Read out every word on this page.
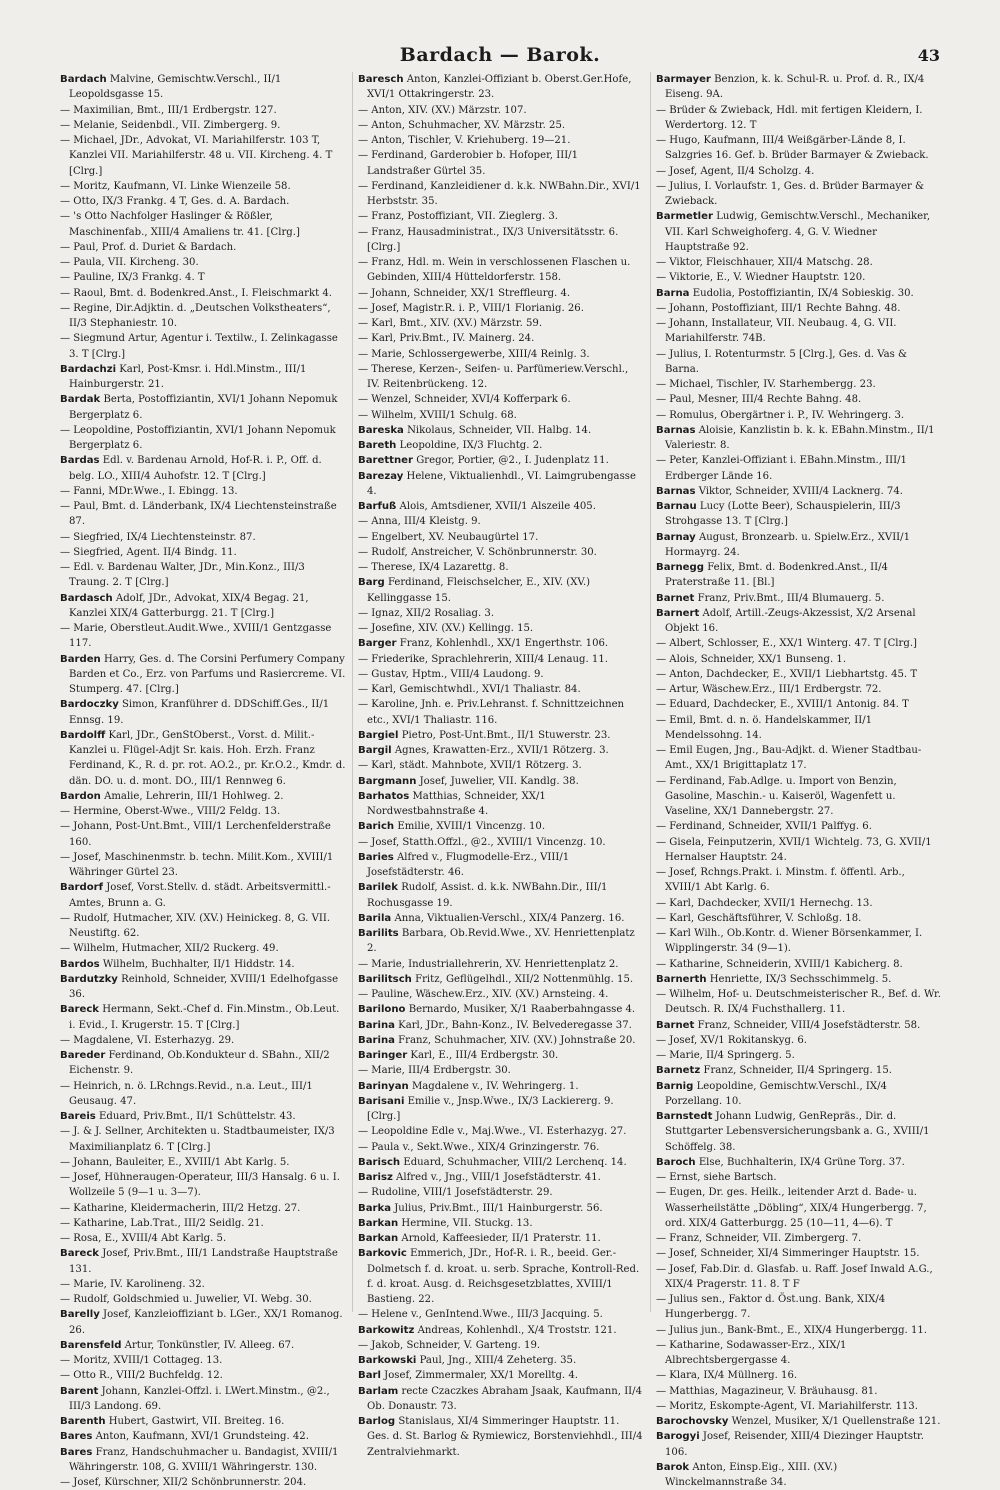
Bardach — Barok.	43

Bardach Malvine, Gemischtw.Verschl., II/1 Leopoldsgasse 15.

— Maximilian, Bmt., III/1 Erdbergstr. 127.

— Melanie, Seidenbdl., VII. Zimbergerg. 9.

— Michael, JDr., Advokat, VI. Mariahilferstr. 103 T, Kanzlei VII. Mariahilferstr. 48 u. VII. Kircheng. 4. T [Clrg.]

— Moritz, Kaufmann, VI. Linke Wienzeile 58.

— Otto, IX/3 Frankg. 4 T, Ges. d. A. Bardach.

— 's Otto Nachfolger Haslinger & Rößler, Maschinenfab., XIII/4 Amaliens tr. 41. [Clrg.]

— Paul, Prof. d. Duriet & Bardach.

— Paula, VII. Kircheng. 30.

— Pauline, IX/3 Frankg. 4. T

— Raoul, Bmt. d. Bodenkred.Anst., I. Fleischmarkt 4.

— Regine, Dir.Adjktin. d. „Deutschen Volkstheaters“, II/3 Stephaniestr. 10.

— Siegmund Artur, Agentur i. Textilw., I. Zelinkagasse 3. T [Clrg.]

Bardachzi Karl, Post-Kmsr. i. Hdl.Minstm., III/1 Hainburgerstr. 21.

Bardak Berta, Postoffiziantin, XVI/1 Johann Nepomuk Bergerplatz 6.

— Leopoldine, Postoffiziantin, XVI/1 Johann Nepomuk Bergerplatz 6.

Bardas Edl. v. Bardenau Arnold, Hof-R. i. P., Off. d. belg. LO., XIII/4 Auhofstr. 12. T [Clrg.]

— Fanni, MDr.Wwe., I. Ebingg. 13.

— Paul, Bmt. d. Länderbank, IX/4 Liechtensteinstraße 87.

— Siegfried, IX/4 Liechtensteinstr. 87.

— Siegfried, Agent. II/4 Bindg. 11.

— Edl. v. Bardenau Walter, JDr., Min.Konz., III/3 Traung. 2. T [Clrg.]

Bardasch Adolf, JDr., Advokat, XIX/4 Begag. 21, Kanzlei XIX/4 Gatterburgg. 21. T [Clrg.]

— Marie, Oberstleut.Audit.Wwe., XVIII/1 Gentzgasse 117.

Barden Harry, Ges. d. The Corsini Perfumery Company Barden et Co., Erz. von Parfums und Rasiercreme. VI. Stumperg. 47. [Clrg.]

Bardoczky Simon, Kranführer d. DDSchiff.Ges., II/1 Ennsg. 19.

Bardolff Karl, JDr., GenStOberst., Vorst. d. Milit.-Kanzlei u. Flügel-Adjt Sr. kais. Hoh. Erzh. Franz Ferdinand, K., R. d. pr. rot. AO.2., pr. Kr.O.2., Kmdr. d. dän. DO. u. d. mont. DO., III/1 Rennweg 6.

Bardon Amalie, Lehrerin, III/1 Hohlweg. 2.

— Hermine, Oberst-Wwe., VIII/2 Feldg. 13.

— Johann, Post-Unt.Bmt., VIII/1 Lerchenfelderstraße 160.

— Josef, Maschinenmstr. b. techn. Milit.Kom., XVIII/1 Währinger Gürtel 23.

Bardorf Josef, Vorst.Stellv. d. städt. Arbeitsvermittl.-Amtes, Brunn a. G.

— Rudolf, Hutmacher, XIV. (XV.) Heinickeg. 8, G. VII. Neustiftg. 62.

— Wilhelm, Hutmacher, XII/2 Ruckerg. 49.

Bardos Wilhelm, Buchhalter, II/1 Hiddstr. 14.

Bardutzky Reinhold, Schneider, XVIII/1 Edelhofgasse 36.

Bareck Hermann, Sekt.-Chef d. Fin.Minstm., Ob.Leut. i. Evid., I. Krugerstr. 15. T [Clrg.]

— Magdalene, VI. Esterhazyg. 29.

Bareder Ferdinand, Ob.Kondukteur d. SBahn., XII/2 Eichenstr. 9.

— Heinrich, n. ö. LRchngs.Revid., n.a. Leut., III/1 Geusaug. 47.

Bareis Eduard, Priv.Bmt., II/1 Schüttelstr. 43.

— J. & J. Sellner, Architekten u. Stadtbaumeister, IX/3 Maximilianplatz 6. T [Clrg.]

— Johann, Bauleiter, E., XVIII/1 Abt Karlg. 5.

— Josef, Hühneraugen-Operateur, III/3 Hansalg. 6 u. I. Wollzeile 5 (9—1 u. 3—7).

— Katharine, Kleidermacherin, III/2 Hetzg. 27.

— Katharine, Lab.Trat., III/2 Seidlg. 21.

— Rosa, E., XVIII/4 Abt Karlg. 5.

Bareck Josef, Priv.Bmt., III/1 Landstraße Hauptstraße 131.

— Marie, IV. Karolineng. 32.

— Rudolf, Goldschmied u. Juwelier, VI. Webg. 30.

Barelly Josef, Kanzleioffiziant b. LGer., XX/1 Romanog. 26.

Barensfeld Artur, Tonkünstler, IV. Alleeg. 67.

— Moritz, XVIII/1 Cottageg. 13.

— Otto R., VIII/2 Buchfeldg. 12.

Barent Johann, Kanzlei-Offzl. i. LWert.Minstm., @2., III/3 Landong. 69.

Barenth Hubert, Gastwirt, VII. Breiteg. 16.

Bares Anton, Kaufmann, XVI/1 Grundsteing. 42.

Bares Franz, Handschuhmacher u. Bandagist, XVIII/1 Währingerstr. 108, G. XVIII/1 Währingerstr. 130.

— Josef, Kürschner, XII/2 Schönbrunnerstr. 204.

Baresch Anton, Kanzlei-Offiziant b. Oberst.Ger.Hofe, XVI/1 Ottakringerstr. 23.

— Anton, XIV. (XV.) Märzstr. 107.

— Anton, Schuhmacher, XV. Märzstr. 25.

— Anton, Tischler, V. Kriehuberg. 19—21.

— Ferdinand, Garderobier b. Hofoper, III/1 Landstraßer Gürtel 35.

— Ferdinand, Kanzleidiener d. k.k. NWBahn.Dir., XVI/1 Herbststr. 35.

— Franz, Postoffiziant, VII. Zieglerg. 3.

— Franz, Hausadministrat., IX/3 Universitätsstr. 6. [Clrg.]

— Franz, Hdl. m. Wein in verschlossenen Flaschen u. Gebinden, XIII/4 Hütteldorferstr. 158.

— Johann, Schneider, XX/1 Streffleurg. 4.

— Josef, Magistr.R. i. P., VIII/1 Florianig. 26.

— Karl, Bmt., XIV. (XV.) Märzstr. 59.

— Karl, Priv.Bmt., IV. Mainerg. 24.

— Marie, Schlossergewerbe, XIII/4 Reinlg. 3.

— Therese, Kerzen-, Seifen- u. Parfümeriew.Verschl., IV. Reitenbrückeng. 12.

— Wenzel, Schneider, XVI/4 Kofferpark 6.

— Wilhelm, XVIII/1 Schulg. 68.

Bareska Nikolaus, Schneider, VII. Halbg. 14.

Bareth Leopoldine, IX/3 Fluchtg. 2.

Barettner Gregor, Portier, @2., I. Judenplatz 11.

Barezay Helene, Viktualienhdl., VI. Laimgrubengasse 4.

Barfuß Alois, Amtsdiener, XVII/1 Alszeile 405.

— Anna, III/4 Kleistg. 9.

— Engelbert, XV. Neubaugürtel 17.

— Rudolf, Anstreicher, V. Schönbrunnerstr. 30.

— Therese, IX/4 Lazarettg. 8.

Barg Ferdinand, Fleischselcher, E., XIV. (XV.) Kellinggasse 15.

— Ignaz, XII/2 Rosaliag. 3.

— Josefine, XIV. (XV.) Kellingg. 15.

Barger Franz, Kohlenhdl., XX/1 Engerthstr. 106.

— Friederike, Sprachlehrerin, XIII/4 Lenaug. 11.

— Gustav, Hptm., VIII/4 Laudong. 9.

— Karl, Gemischtwhdl., XVI/1 Thaliastr. 84.

— Karoline, Jnh. e. Priv.Lehranst. f. Schnittzeichnen etc., XVI/1 Thaliastr. 116.

Bargiel Pietro, Post-Unt.Bmt., II/1 Stuwerstr. 23.

Bargil Agnes, Krawatten-Erz., XVII/1 Rötzerg. 3.

— Karl, städt. Mahnbote, XVII/1 Rötzerg. 3.

Bargmann Josef, Juwelier, VII. Kandlg. 38.

Barhatos Matthias, Schneider, XX/1 Nordwestbahnstraße 4.

Barich Emilie, XVIII/1 Vincenzg. 10.

— Josef, Statth.Offzl., @2., XVIII/1 Vincenzg. 10.

Baries Alfred v., Flugmodelle-Erz., VIII/1 Josefstädterstr. 46.

Barilek Rudolf, Assist. d. k.k. NWBahn.Dir., III/1 Rochusgasse 19.

Barila Anna, Viktualien-Verschl., XIX/4 Panzerg. 16.

Barilits Barbara, Ob.Revid.Wwe., XV. Henriettenplatz 2.

— Marie, Industriallehrerin, XV. Henriettenplatz 2.

Barilitsch Fritz, Geflügelhdl., XII/2 Nottenmühlg. 15.

— Pauline, Wäschew.Erz., XIV. (XV.) Arnsteing. 4.

Barilono Bernardo, Musiker, X/1 Raaberbahngasse 4.

Barina Karl, JDr., Bahn-Konz., IV. Belvederegasse 37.

Barina Franz, Schuhmacher, XIV. (XV.) Johnstraße 20.

Baringer Karl, E., III/4 Erdbergstr. 30.

— Marie, III/4 Erdbergstr. 30.

Barinyan Magdalene v., IV. Wehringerg. 1.

Barisani Emilie v., Jnsp.Wwe., IX/3 Lackiererg. 9. [Clrg.]

— Leopoldine Edle v., Maj.Wwe., VI. Esterhazyg. 27.

— Paula v., Sekt.Wwe., XIX/4 Grinzingerstr. 76.

Barisch Eduard, Schuhmacher, VIII/2 Lerchenq. 14.

Barisz Alfred v., Jng., VIII/1 Josefstädterstr. 41.

— Rudoline, VIII/1 Josefstädterstr. 29.

Barka Julius, Priv.Bmt., III/1 Hainburgerstr. 56.

Barkan Hermine, VII. Stuckg. 13.

Barkan Arnold, Kaffeesieder, II/1 Praterstr. 11.

Barkovic Emmerich, JDr., Hof-R. i. R., beeid. Ger.-Dolmetsch f. d. kroat. u. serb. Sprache, Kontroll-Red. f. d. kroat. Ausg. d. Reichsgesetzblattes, XVIII/1 Bastieng. 22.

— Helene v., GenIntend.Wwe., III/3 Jacquing. 5.

Barkowitz Andreas, Kohlenhdl., X/4 Troststr. 121.

— Jakob, Schneider, V. Garteng. 19.

Barkowski Paul, Jng., XIII/4 Zeheterg. 35.

Barl Josef, Zimmermaler, XX/1 Morelltg. 4.

Barlam recte Czaczkes Abraham Jsaak, Kaufmann, II/4 Ob. Donaustr. 73.

Barlog Stanislaus, XI/4 Simmeringer Hauptstr. 11. Ges. d. St. Barlog & Rymiewicz, Borstenviehhdl., III/4 Zentralviehmarkt.

Barmayer Benzion, k. k. Schul-R. u. Prof. d. R., IX/4 Eiseng. 9A.

— Brüder & Zwieback, Hdl. mit fertigen Kleidern, I. Werdertorg. 12. T

— Hugo, Kaufmann, III/4 Weißgärber-Lände 8, I. Salzgries 16. Gef. b. Brüder Barmayer & Zwieback.

— Josef, Agent, II/4 Scholzg. 4.

— Julius, I. Vorlaufstr. 1, Ges. d. Brüder Barmayer & Zwieback.

Barmetler Ludwig, Gemischtw.Verschl., Mechaniker, VII. Karl Schweighoferg. 4, G. V. Wiedner Hauptstraße 92.

— Viktor, Fleischhauer, XII/4 Matschg. 28.

— Viktorie, E., V. Wiedner Hauptstr. 120.

Barna Eudolia, Postoffiziantin, IX/4 Sobieskig. 30.

— Johann, Postoffiziant, III/1 Rechte Bahng. 48.

— Johann, Installateur, VII. Neubaug. 4, G. VII. Mariahilferstr. 74B.

— Julius, I. Rotenturmstr. 5 [Clrg.], Ges. d. Vas & Barna.

— Michael, Tischler, IV. Starhembergg. 23.

— Paul, Mesner, III/4 Rechte Bahng. 48.

— Romulus, Obergärtner i. P., IV. Wehringerg. 3.

Barnas Aloisie, Kanzlistin b. k. k. EBahn.Minstm., II/1 Valeriestr. 8.

— Peter, Kanzlei-Offiziant i. EBahn.Minstm., III/1 Erdberger Lände 16.

Barnas Viktor, Schneider, XVIII/4 Lacknerg. 74.

Barnau Lucy (Lotte Beer), Schauspielerin, III/3 Strohgasse 13. T [Clrg.]

Barnay August, Bronzearb. u. Spielw.Erz., XVII/1 Hormayrg. 24.

Barnegg Felix, Bmt. d. Bodenkred.Anst., II/4 Praterstraße 11. [Bl.]

Barnet Franz, Priv.Bmt., III/4 Blumauerg. 5.

Barnert Adolf, Artill.-Zeugs-Akzessist, X/2 Arsenal Objekt 16.

— Albert, Schlosser, E., XX/1 Winterg. 47. T [Clrg.]

— Alois, Schneider, XX/1 Bunseng. 1.

— Anton, Dachdecker, E., XVII/1 Liebhartstg. 45. T

— Artur, Wäschew.Erz., III/1 Erdbergstr. 72.

— Eduard, Dachdecker, E., XVIII/1 Antonig. 84. T

— Emil, Bmt. d. n. ö. Handelskammer, II/1 Mendelssohng. 14.

— Emil Eugen, Jng., Bau-Adjkt. d. Wiener Stadtbau-Amt., XX/1 Brigittaplatz 17.

— Ferdinand, Fab.Adlge. u. Import von Benzin, Gasoline, Maschin.- u. Kaiseröl, Wagenfett u. Vaseline, XX/1 Dannebergstr. 27.

— Ferdinand, Schneider, XVII/1 Palffyg. 6.

— Gisela, Feinputzerin, XVII/1 Wichtelg. 73, G. XVII/1 Hernalser Hauptstr. 24.

— Josef, Rchngs.Prakt. i. Minstm. f. öffentl. Arb., XVIII/1 Abt Karlg. 6.

— Karl, Dachdecker, XVII/1 Hernechg. 13.

— Karl, Geschäftsführer, V. Schloßg. 18.

— Karl Wilh., Ob.Kontr. d. Wiener Börsenkammer, I. Wipplingerstr. 34 (9—1).

— Katharine, Schneiderin, XVIII/1 Kabicherg. 8.

Barnerth Henriette, IX/3 Sechsschimmelg. 5.

— Wilhelm, Hof- u. Deutschmeisterischer R., Bef. d. Wr. Deutsch. R. IX/4 Fuchsthallerg. 11.

Barnet Franz, Schneider, VIII/4 Josefstädterstr. 58.

— Josef, XV/1 Rokitanskyg. 6.

— Marie, II/4 Springerg. 5.

Barnetz Franz, Schneider, II/4 Springerg. 15.

Barnig Leopoldine, Gemischtw.Verschl., IX/4 Porzellang. 10.

Barnstedt Johann Ludwig, GenRepräs., Dir. d. Stuttgarter Lebensversicherungsbank a. G., XVIII/1 Schöffelg. 38.

Baroch Else, Buchhalterin, IX/4 Grüne Torg. 37.

— Ernst, siehe Bartsch.

— Eugen, Dr. ges. Heilk., leitender Arzt d. Bade- u. Wasserheilstätte „Döbling“, XIX/4 Hungerbergg. 7, ord. XIX/4 Gatterburgg. 25 (10—11, 4—6). T

— Franz, Schneider, VII. Zimbergerg. 7.

— Josef, Schneider, XI/4 Simmeringer Hauptstr. 15.

— Josef, Fab.Dir. d. Glasfab. u. Raff. Josef Inwald A.G., XIX/4 Pragerstr. 11. 8. T F

— Julius sen., Faktor d. Öst.ung. Bank, XIX/4 Hungerbergg. 7.

— Julius jun., Bank-Bmt., E., XIX/4 Hungerbergg. 11.

— Katharine, Sodawasser-Erz., XIX/1 Albrechtsbergergasse 4.

— Klara, IX/4 Müllnerg. 16.

— Matthias, Magazineur, V. Bräuhausg. 81.

— Moritz, Eskompte-Agent, VI. Mariahilferstr. 113.

Barochovsky Wenzel, Musiker, X/1 Quellenstraße 121.

Barogyi Josef, Reisender, XIII/4 Diezinger Hauptstr. 106.

Barok Anton, Einsp.Eig., XIII. (XV.) Winckelmannstraße 34.
